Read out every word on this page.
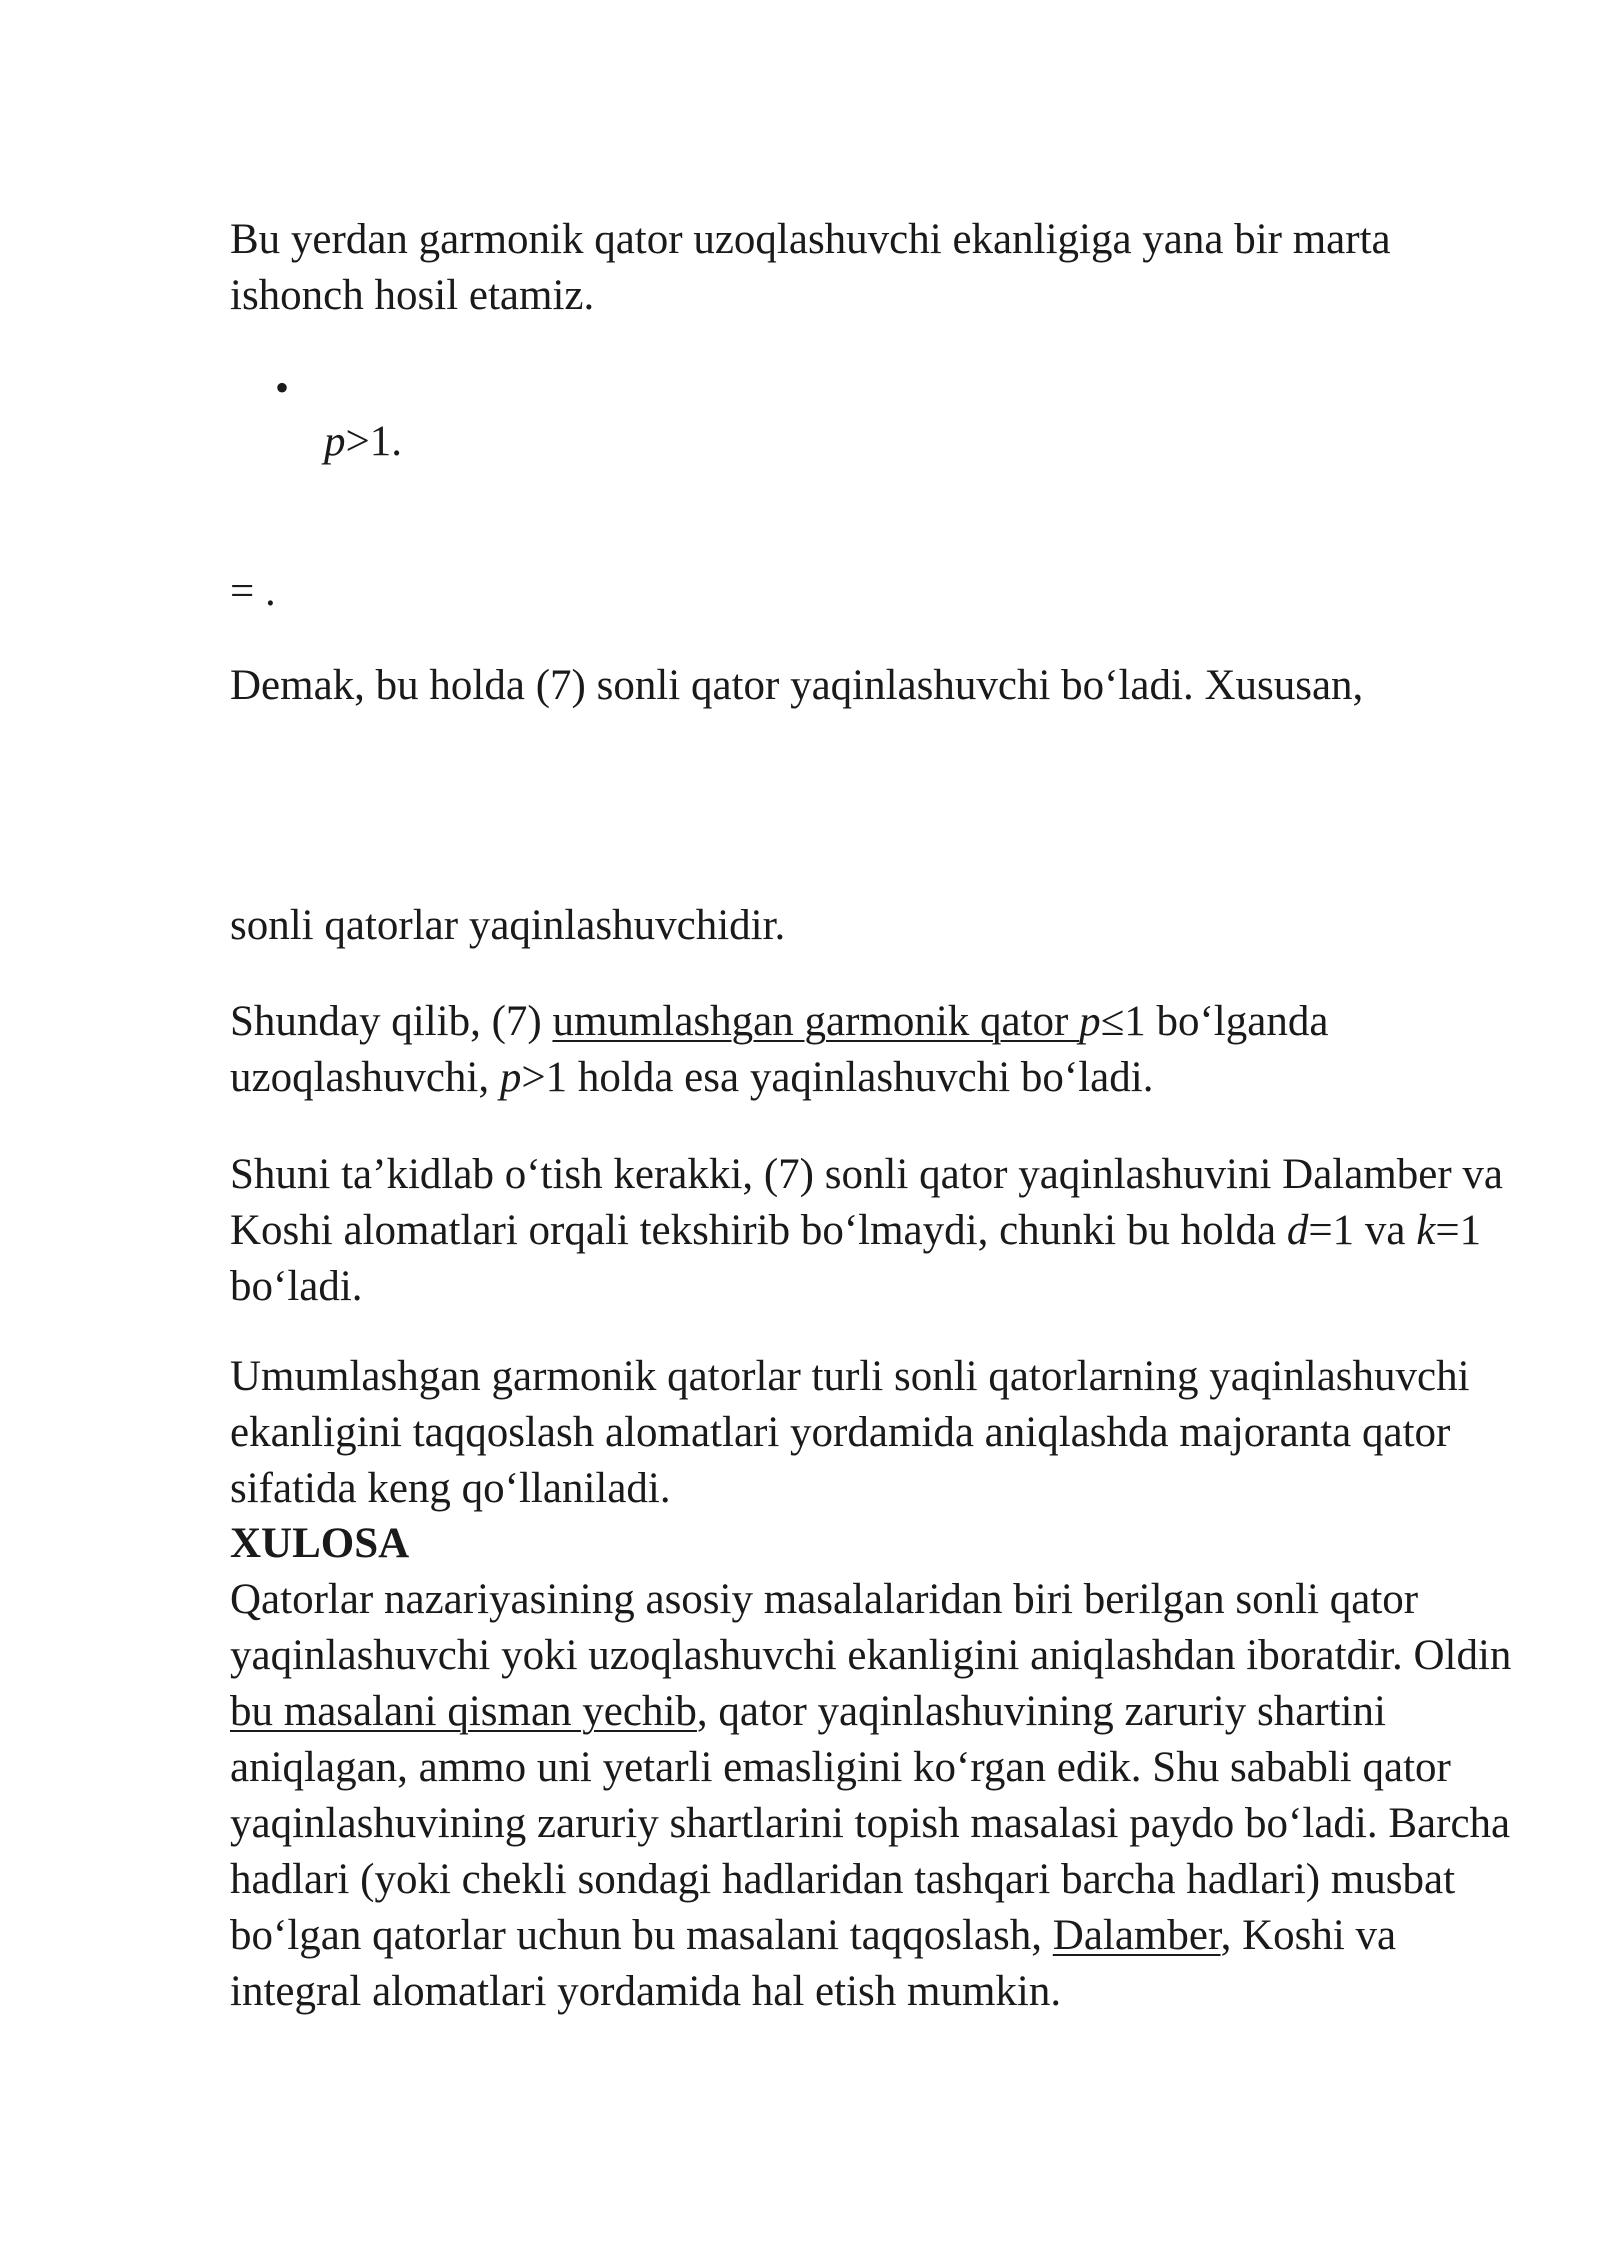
Bu yerdan garmonik qator uzoqlashuvchi ekanligiga yana bir marta ishonch hosil etamiz.

•
p>1.

= .

Demak, bu holda (7) sonli qator yaqinlashuvchi bo‘ladi. Xususan,

sonli qatorlar yaqinlashuvchidir.

Shunday qilib, (7) umumlashgan garmonik qator p≤1 bo‘lganda uzoqlashuvchi, p>1 holda esa yaqinlashuvchi bo‘ladi.

Shuni ta’kidlab o‘tish kerakki, (7) sonli qator yaqinlashuvini Dalamber va Koshi alomatlari orqali tekshirib bo‘lmaydi, chunki bu holda d=1 va k=1 bo‘ladi.

Umumlashgan garmonik qatorlar turli sonli qatorlarning yaqinlashuvchi ekanligini taqqoslash alomatlari yordamida aniqlashda majoranta qator sifatida keng qo‘llaniladi.

XULOSA

Qatorlar nazariyasining asosiy masalalaridan biri berilgan sonli qator yaqinlashuvchi yoki uzoqlashuvchi ekanligini aniqlashdan iboratdir. Oldin bu masalani qisman yechib, qator yaqinlashuvining zaruriy shartini aniqlagan, ammo uni yetarli emasligini ko‘rgan edik. Shu sababli qator yaqinlashuvining zaruriy shartlarini topish masalasi paydo bo‘ladi. Barcha hadlari (yoki chekli sondagi hadlaridan tashqari barcha hadlari) musbat bo‘lgan qatorlar uchun bu masalani taqqoslash, Dalamber, Koshi va integral alomatlari yordamida hal etish mumkin.
